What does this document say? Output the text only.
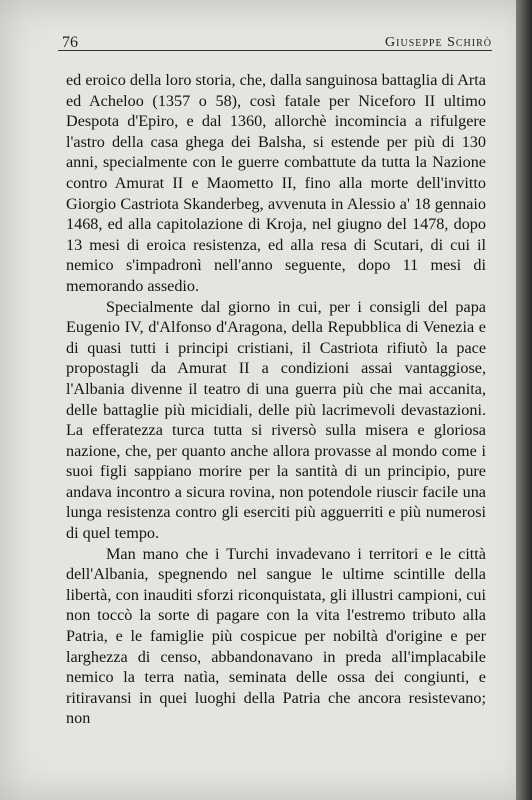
76	Giuseppe Schirò

ed eroico della loro storia, che, dalla sanguinosa battaglia di Arta ed Acheloo (1357 o 58), così fatale per Niceforo II ultimo Despota d'Epiro, e dal 1360, allorchè incomincia a rifulgere l'astro della casa ghega dei Balsha, si estende per più di 130 anni, specialmente con le guerre combattute da tutta la Nazione contro Amurat II e Maometto II, fino alla morte dell'invitto Giorgio Castriota Skanderbeg, avvenuta in Alessio a' 18 gennaio 1468, ed alla capitolazione di Kroja, nel giugno del 1478, dopo 13 mesi di eroica resistenza, ed alla resa di Scutari, di cui il nemico s'impadronì nell'anno seguente, dopo 11 mesi di memorando assedio.

Specialmente dal giorno in cui, per i consigli del papa Eugenio IV, d'Alfonso d'Aragona, della Repubblica di Venezia e di quasi tutti i principi cristiani, il Castriota rifiutò la pace propostagli da Amurat II a condizioni assai vantaggiose, l'Albania divenne il teatro di una guerra più che mai accanita, delle battaglie più micidiali, delle più lacrimevoli devastazioni. La efferatezza turca tutta si riversò sulla misera e gloriosa nazione, che, per quanto anche allora provasse al mondo come i suoi figli sappiano morire per la santità di un principio, pure andava incontro a sicura rovina, non potendole riuscir facile una lunga resistenza contro gli eserciti più agguerriti e più numerosi di quel tempo.

Man mano che i Turchi invadevano i territori e le città dell'Albania, spegnendo nel sangue le ultime scintille della libertà, con inauditi sforzi riconquistata, gli illustri campioni, cui non toccò la sorte di pagare con la vita l'estremo tributo alla Patria, e le famiglie più cospicue per nobiltà d'origine e per larghezza di censo, abbandonavano in preda all'implacabile nemico la terra natìa, seminata delle ossa dei congiunti, e ritiravansi in quei luoghi della Patria che ancora resistevano; non
